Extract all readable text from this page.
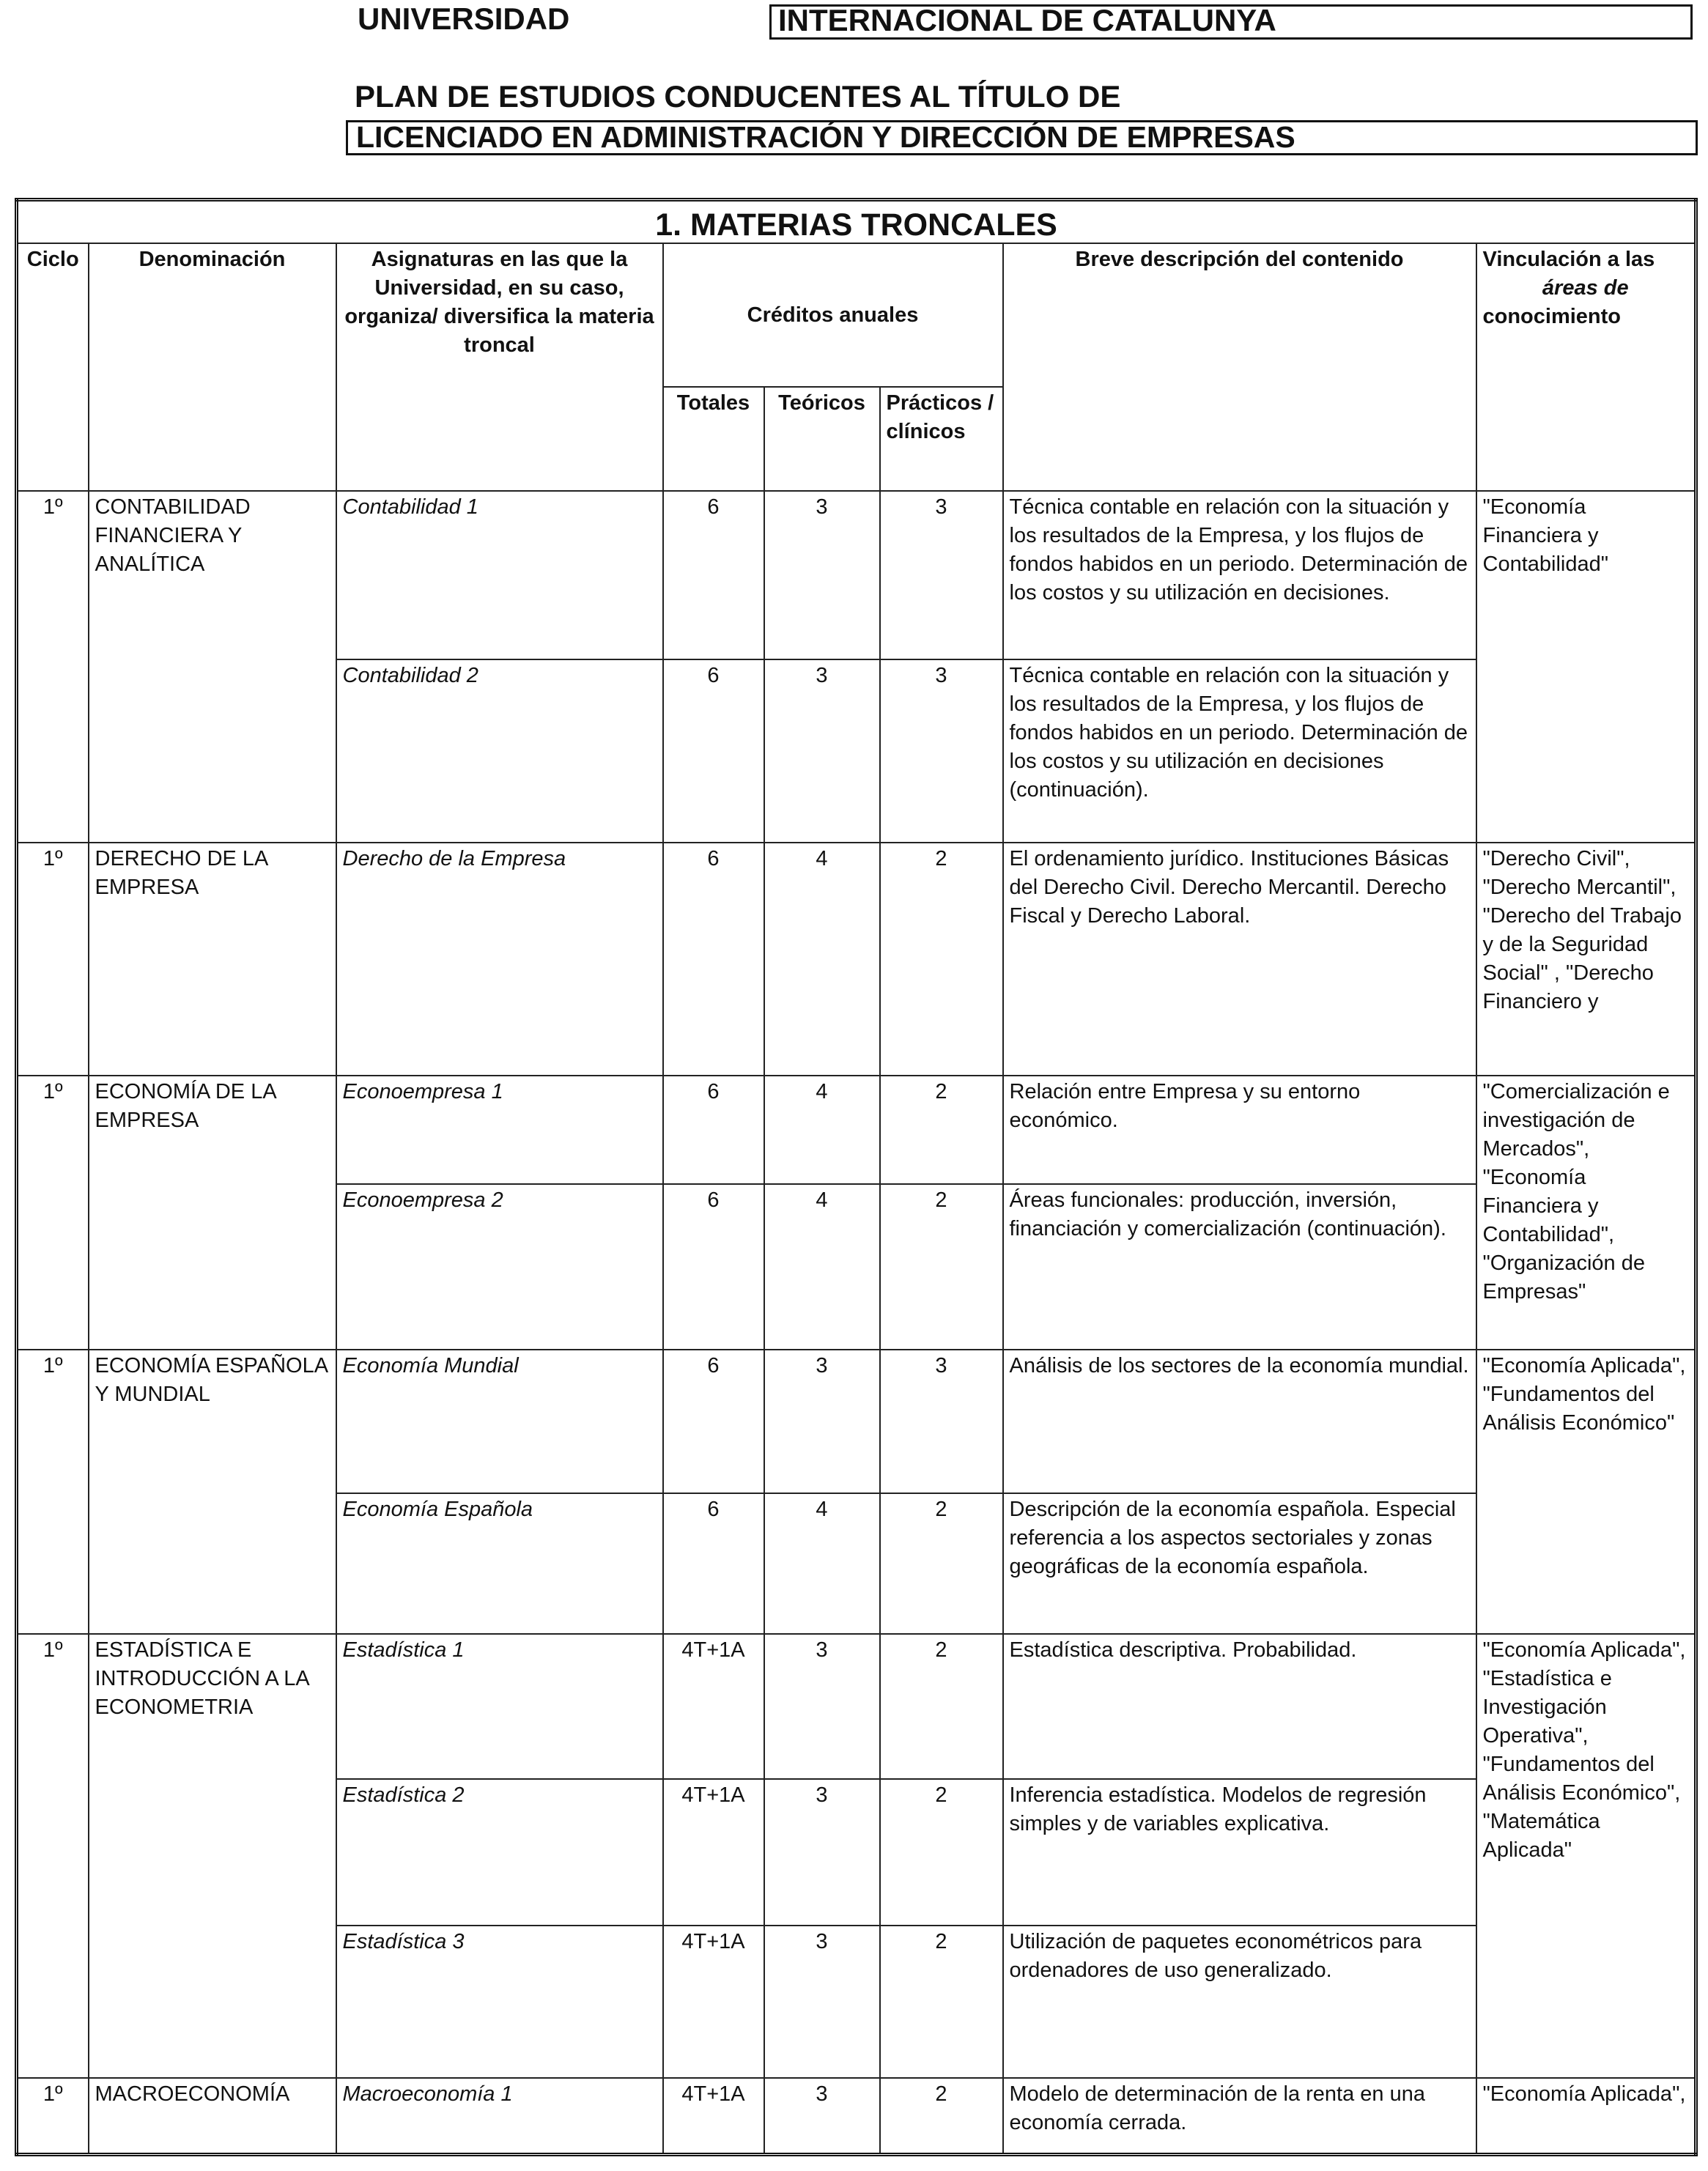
UNIVERSIDAD	INTERNACIONAL DE CATALUNYA
PLAN DE ESTUDIOS CONDUCENTES AL TÍTULO DE
LICENCIADO EN ADMINISTRACIÓN Y DIRECCIÓN DE EMPRESAS
1. MATERIAS TRONCALES							
Ciclo	Denominación	Asignaturas en las que la Universidad, en su caso, organiza/ diversifica la materia troncal	Créditos anuales			Breve descripción del contenido	Vinculación a las
áreas de
conocimiento

			Totales	Teóricos	Prácticos / clínicos		
1º	CONTABILIDAD FINANCIERA Y ANALÍTICA	Contabilidad 1	6	3	3	Técnica contable en relación con la situación y los resultados de la Empresa, y los flujos de fondos habidos en un periodo. Determinación de los costos y su utilización en decisiones.	"Economía Financiera y Contabilidad"
		Contabilidad 2	6	3	3	Técnica contable en relación con la situación y los resultados de la Empresa, y los flujos de fondos habidos en un periodo. Determinación de los costos y su utilización en decisiones (continuación).	
1º	DERECHO DE LA EMPRESA	Derecho de la Empresa	6	4	2	El ordenamiento jurídico. Instituciones Básicas del Derecho Civil. Derecho Mercantil. Derecho Fiscal y Derecho Laboral.	"Derecho Civil", "Derecho Mercantil", "Derecho del Trabajo y de la Seguridad Social" , "Derecho Financiero y
1º	ECONOMÍA DE LA EMPRESA	Econoempresa 1	6	4	2	Relación entre Empresa y su entorno económico.	"Comercialización e investigación de Mercados", "Economía Financiera y Contabilidad", "Organización de Empresas"
		Econoempresa 2	6	4	2	Áreas funcionales: producción, inversión, financiación y comercialización (continuación).	
1º	ECONOMÍA ESPAÑOLA Y MUNDIAL	Economía Mundial	6	3	3	Análisis de los sectores de la economía mundial.	"Economía Aplicada", "Fundamentos del Análisis Económico"
		Economía Española	6	4	2	Descripción de la economía española. Especial referencia a los aspectos sectoriales y zonas geográficas de la economía española.	
1º	ESTADÍSTICA E INTRODUCCIÓN A LA ECONOMETRIA	Estadística 1	4T+1A	3	2	Estadística descriptiva. Probabilidad.	"Economía Aplicada", "Estadística e Investigación Operativa", "Fundamentos del Análisis Económico", "Matemática Aplicada"
		Estadística 2	4T+1A	3	2	Inferencia estadística. Modelos de regresión simples y de variables explicativa.	
		Estadística 3	4T+1A	3	2	Utilización de paquetes econométricos para ordenadores de uso generalizado.	
1º	MACROECONOMÍA	Macroeconomía 1	4T+1A	3	2	Modelo de determinación de la renta en una economía cerrada.	"Economía Aplicada",
